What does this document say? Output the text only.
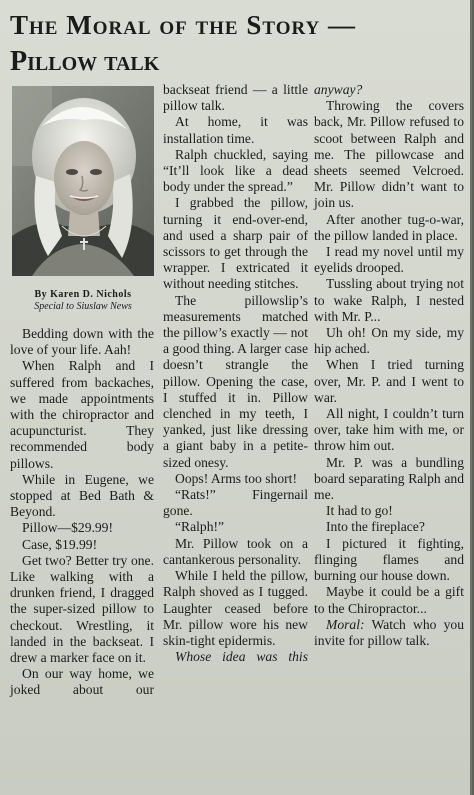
The Moral of the Story —
Pillow talk
By Karen D. Nichols
Special to Siuslaw News

Bedding down with the love of your life. Aah!

When Ralph and I suffered from backaches, we made appointments with the chiropractor and acupuncturist. They recommended body pillows.

While in Eugene, we stopped at Bed Bath & Beyond.

Pillow—$29.99!

Case, $19.99!

Get two? Better try one. Like walking with a drunken friend, I dragged the super-sized pillow to checkout. Wrestling, it landed in the backseat. I drew a marker face on it.

On our way home, we joked about our

backseat friend — a little pillow talk.

At home, it was installation time.

Ralph chuckled, saying “It’ll look like a dead body under the spread.”

I grabbed the pillow, turning it end-over-end, and used a sharp pair of scissors to get through the wrapper. I extricated it without needing stitches.

The pillowslip’s measurements matched the pillow’s exactly — not a good thing. A larger case doesn’t strangle the pillow. Opening the case, I stuffed it in. Pillow clenched in my teeth, I yanked, just like dressing a giant baby in a petite-sized onesy.

Oops! Arms too short!

“Rats!” Fingernail gone.

“Ralph!”

Mr. Pillow took on a cantankerous personality.

While I held the pillow, Ralph shoved as I tugged. Laughter ceased before Mr. pillow wore his new skin-tight epidermis.

Whose idea was this

anyway?

Throwing the covers back, Mr. Pillow refused to scoot between Ralph and me. The pillowcase and sheets seemed Velcroed. Mr. Pillow didn’t want to join us.

After another tug-o-war, the pillow landed in place.

I read my novel until my eyelids drooped.

Tussling about trying not to wake Ralph, I nested with Mr. P...

Uh oh! On my side, my hip ached.

When I tried turning over, Mr. P. and I went to war.

All night, I couldn’t turn over, take him with me, or throw him out.

Mr. P. was a bundling board separating Ralph and me.

It had to go!

Into the fireplace?

I pictured it fighting, flinging flames and burning our house down.

Maybe it could be a gift to the Chiropractor...

Moral: Watch who you invite for pillow talk.
